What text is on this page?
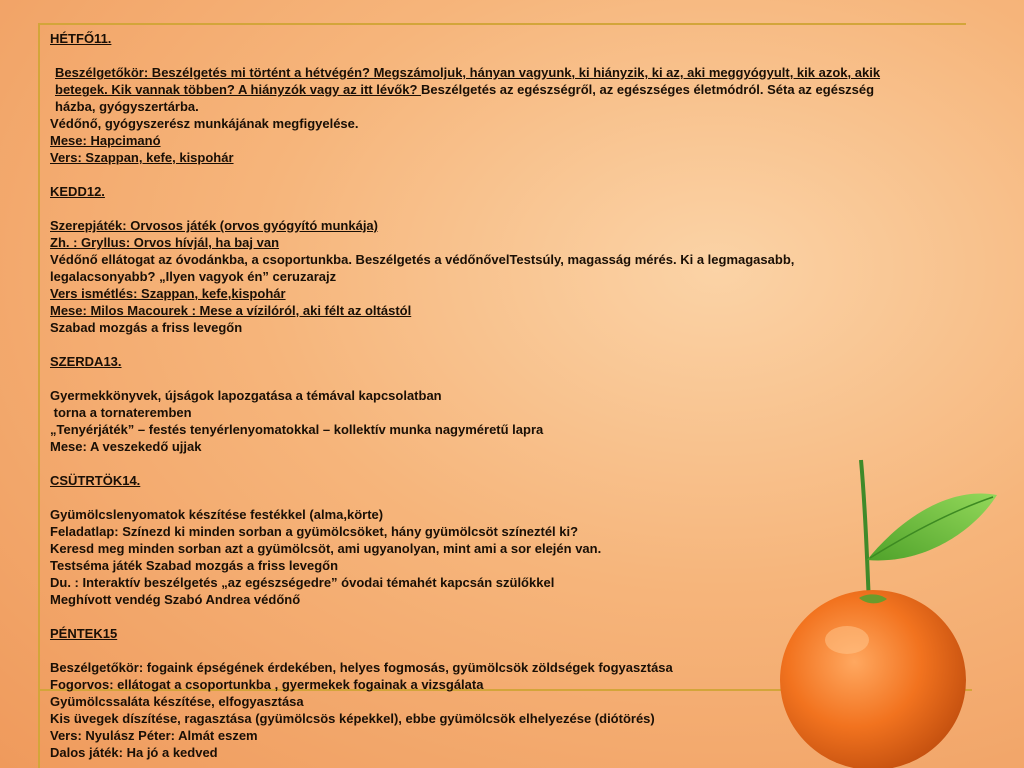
HÉTFŐ11.
Beszélgetőkör: Beszélgetés mi történt a hétvégén? Megszámoljuk, hányan vagyunk, ki hiányzik, ki az, aki meggyógyult, kik azok, akik betegek. Kik vannak többen? A hiányzók vagy az itt lévők? Beszélgetés az egészségről, az egészséges életmódról. Séta az egészség házba, gyógyszertárba.
Védőnő, gyógyszerész munkájának megfigyelése.
Mese: Hapcimanó
Vers: Szappan, kefe, kispohár
KEDD12.
Szerepjáték: Orvosos játék (orvos gyógyító munkája)
Zh. : Gryllus: Orvos hívjál, ha baj van
Védőnő ellátogat az óvodánkba, a csoportunkba. Beszélgetés a védőnővelTestsúly, magasság mérés. Ki a legmagasabb, legalacsonyabb? „Ilyen vagyok én” ceruzarajz
Vers ismétlés: Szappan, kefe,kispohár
Mese: Milos Macourek : Mese a vízilóról, aki félt az oltástól
Szabad mozgás a friss levegőn
SZERDA13.
Gyermekkönyvek, újságok lapozgatása a témával kapcsolatban
torna a tornateremben
„Tenyérjáték” – festés tenyérlenyomatokkal – kollektív munka nagyméretű lapra
Mese: A veszekedő ujjak
CSÜTRTÖK14.
Gyümölcslenyomatok készítése festékkel (alma,körte)
Feladatlap: Színezd ki minden sorban a gyümölcsöket, hány gyümölcsöt színeztél ki?
Keresd meg minden sorban azt a gyümölcsöt, ami ugyanolyan, mint ami a sor elején van.
Testséma játék Szabad mozgás a friss levegőn
Du. : Interaktív beszélgetés „az egészségedre” óvodai témahét kapcsán szülőkkel
Meghívott vendég Szabó Andrea védőnő
PÉNTEK15
Beszélgetőkör: fogaink épségének érdekében, helyes fogmosás, gyümölcsök zöldségek fogyasztása
Fogorvos: ellátogat a csoportunkba , gyermekek fogainak a vizsgálata
Gyümölcssaláta készítése, elfogyasztása
Kis üvegek díszítése, ragasztása (gyümölcsös képekkel), ebbe gyümölcsök elhelyezése (diótörés)
Vers: Nyulász Péter: Almát eszem
Dalos játék: Ha jó a kedved
